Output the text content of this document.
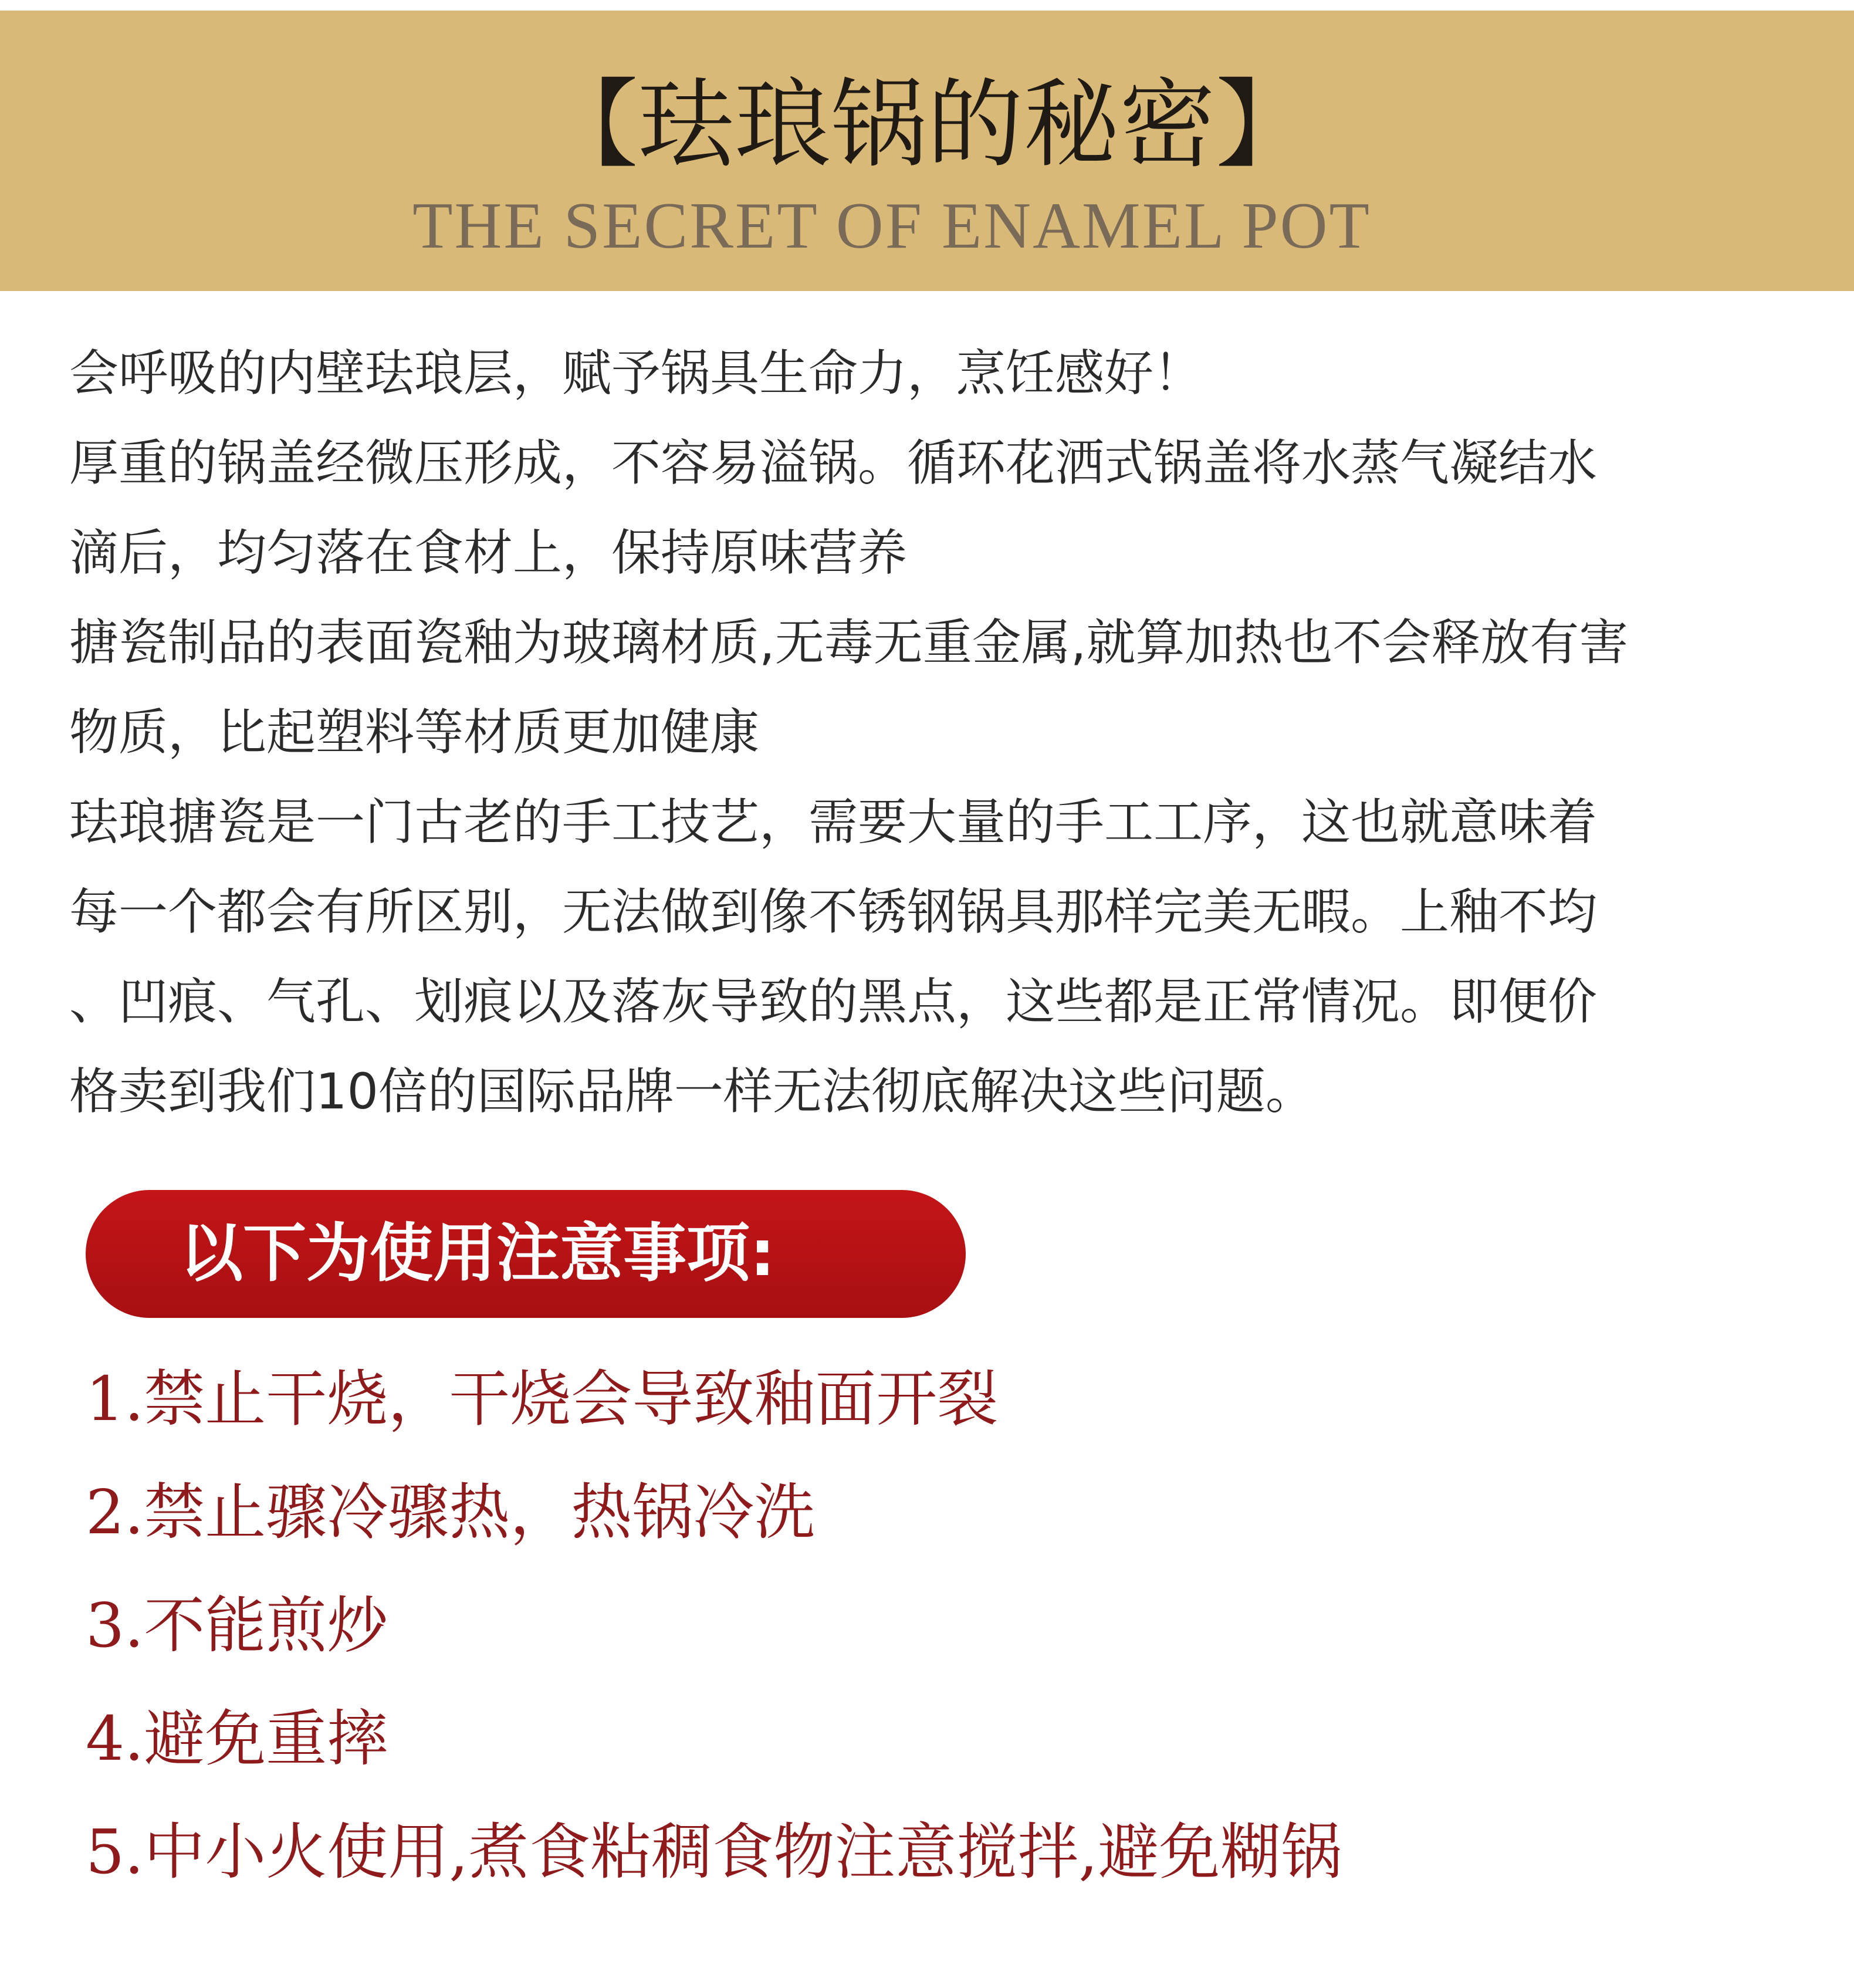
【珐琅锅的秘密】
THE SECRET OF ENAMEL POT
会呼吸的内壁珐琅层，赋予锅具生命力，烹饪感好！
厚重的锅盖经微压形成，不容易溢锅。循环花洒式锅盖将水蒸气凝结水
滴后，均匀落在食材上，保持原味营养
搪瓷制品的表面瓷釉为玻璃材质,无毒无重金属,就算加热也不会释放有害
物质，比起塑料等材质更加健康
珐琅搪瓷是一门古老的手工技艺，需要大量的手工工序，这也就意味着
每一个都会有所区别，无法做到像不锈钢锅具那样完美无暇。上釉不均
、凹痕、气孔、划痕以及落灰导致的黑点，这些都是正常情况。即便价
格卖到我们10倍的国际品牌一样无法彻底解决这些问题。
以下为使用注意事项:
1.禁止干烧，干烧会导致釉面开裂
2.禁止骤冷骤热，热锅冷洗
3.不能煎炒
4.避免重摔
5.中小火使用,煮食粘稠食物注意搅拌,避免糊锅
